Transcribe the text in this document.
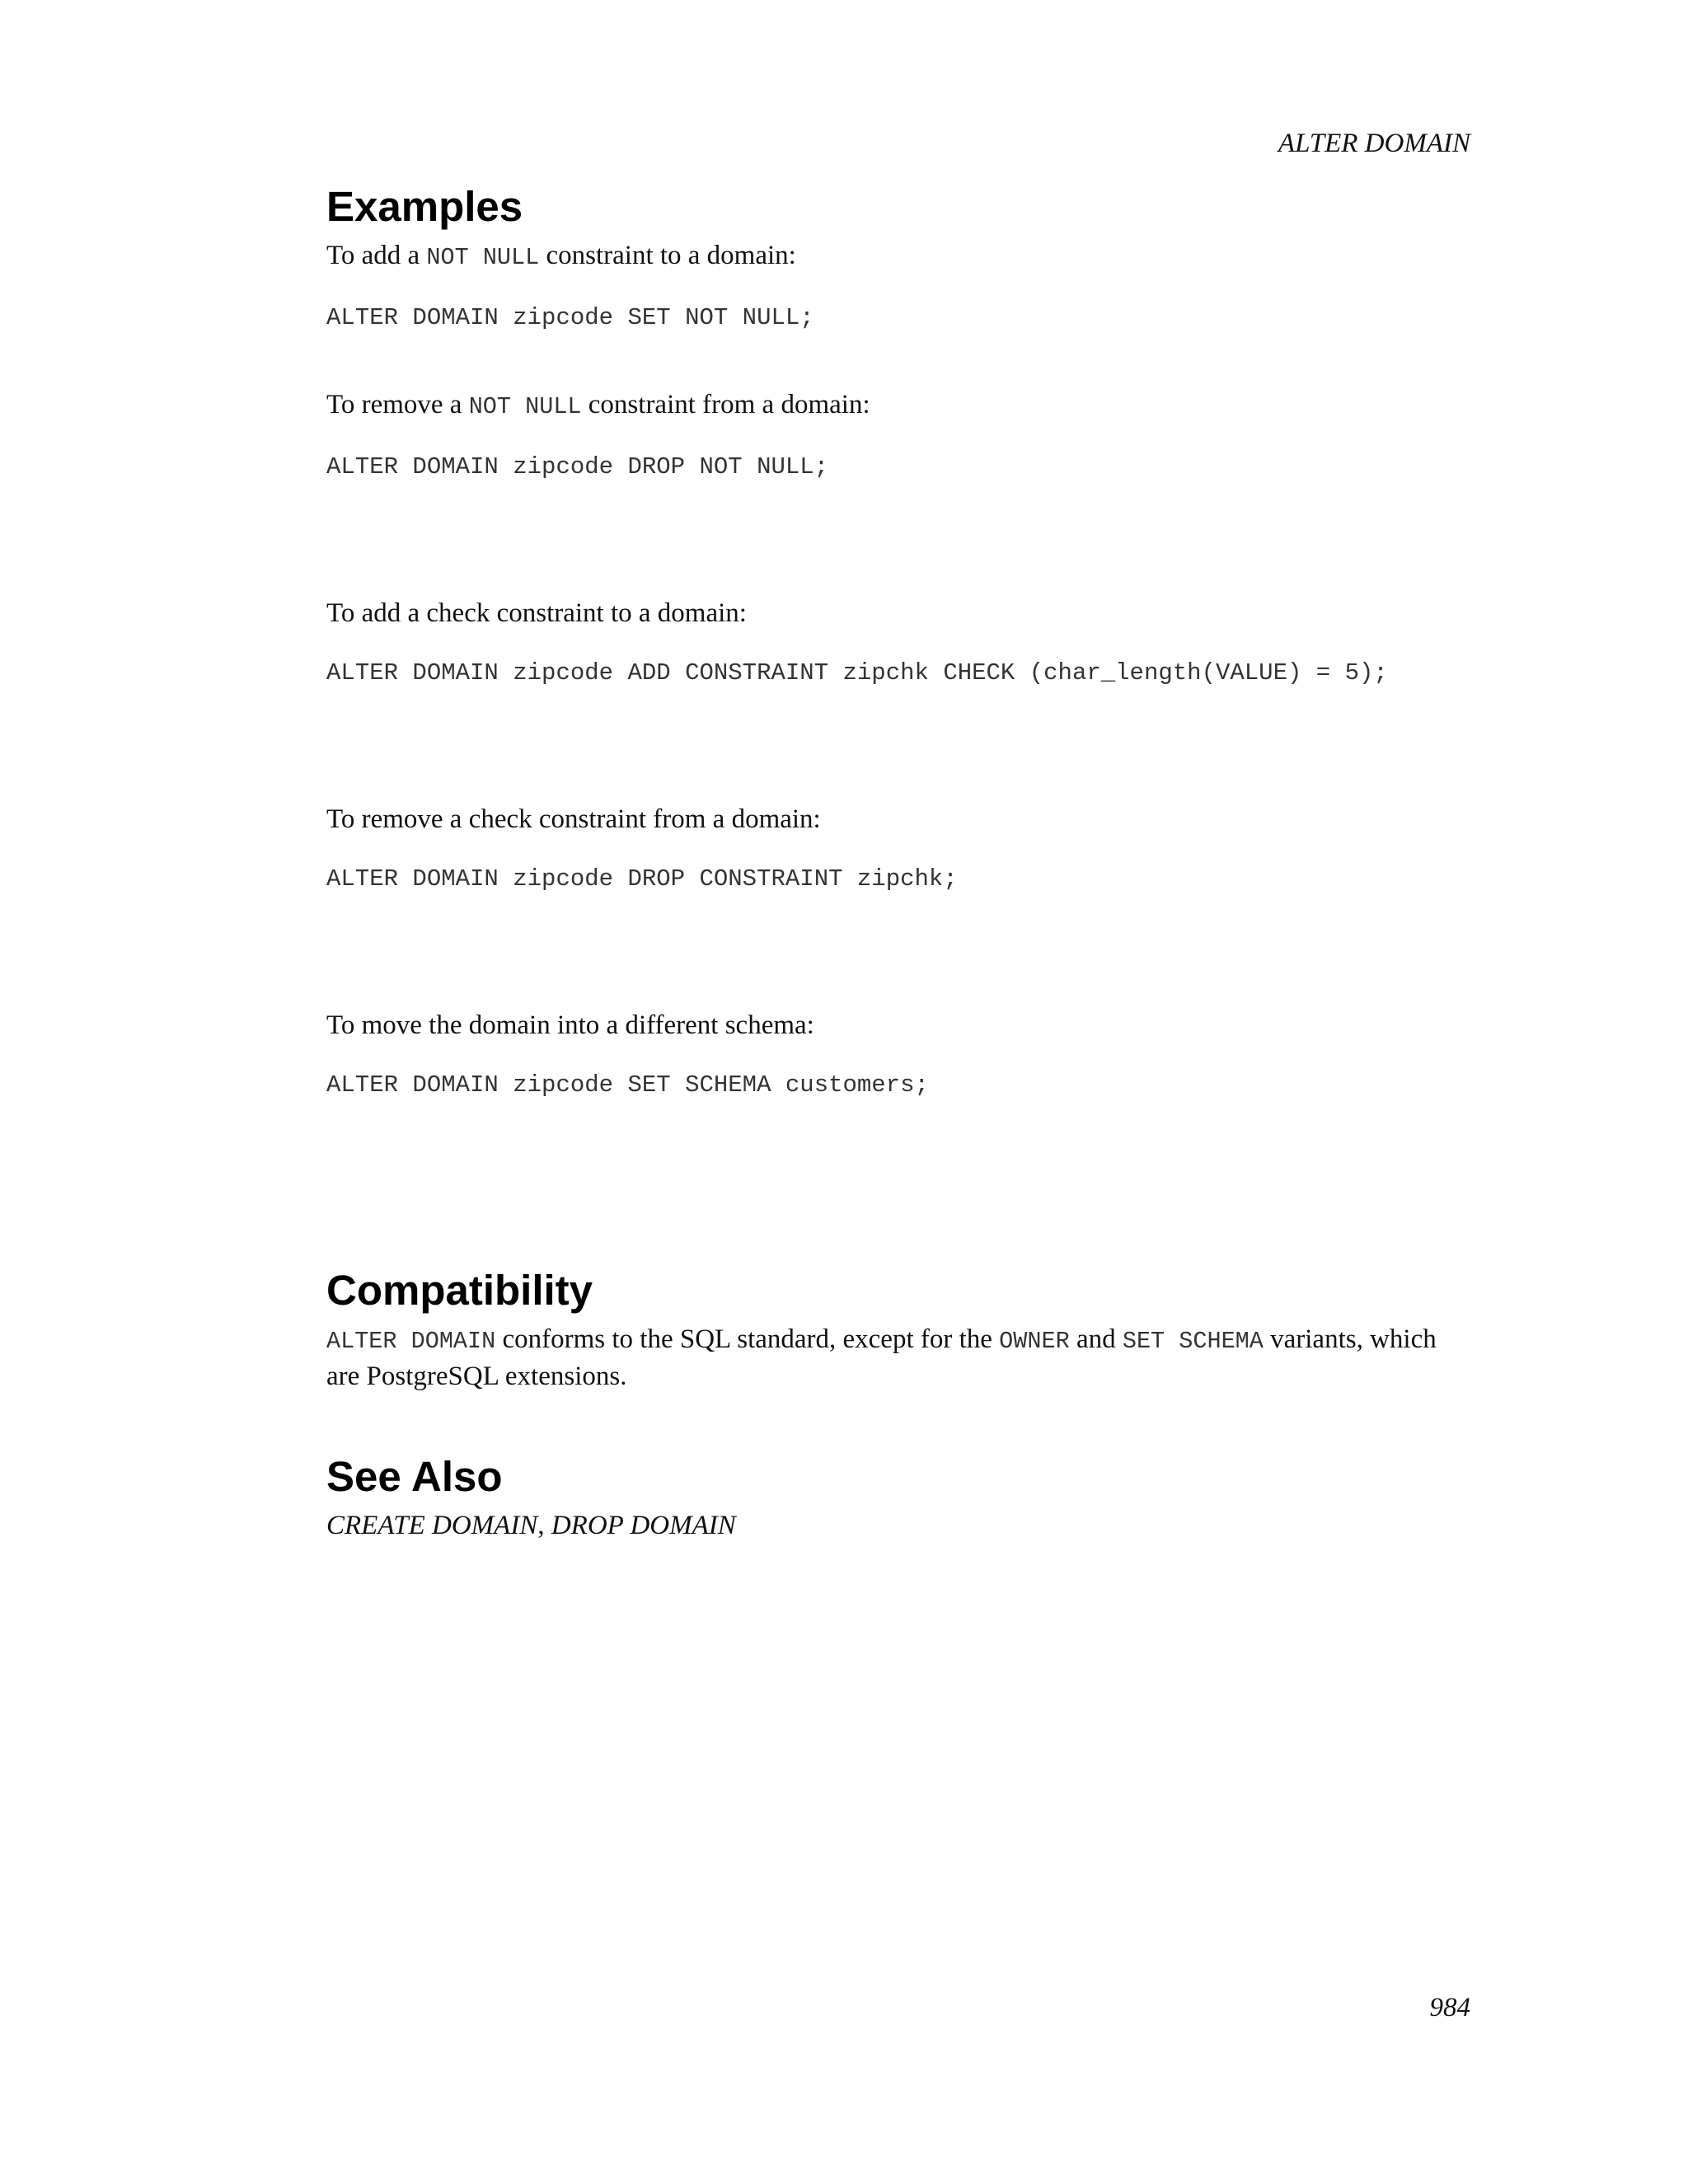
ALTER DOMAIN
Examples

To add a NOT NULL constraint to a domain:

ALTER DOMAIN zipcode SET NOT NULL;

To remove a NOT NULL constraint from a domain:

ALTER DOMAIN zipcode DROP NOT NULL;

To add a check constraint to a domain:

ALTER DOMAIN zipcode ADD CONSTRAINT zipchk CHECK (char_length(VALUE) = 5);

To remove a check constraint from a domain:

ALTER DOMAIN zipcode DROP CONSTRAINT zipchk;

To move the domain into a different schema:

ALTER DOMAIN zipcode SET SCHEMA customers;
Compatibility

ALTER DOMAIN conforms to the SQL standard, except for the OWNER and SET SCHEMA variants, which are PostgreSQL extensions.

See Also

CREATE DOMAIN, DROP DOMAIN

984
